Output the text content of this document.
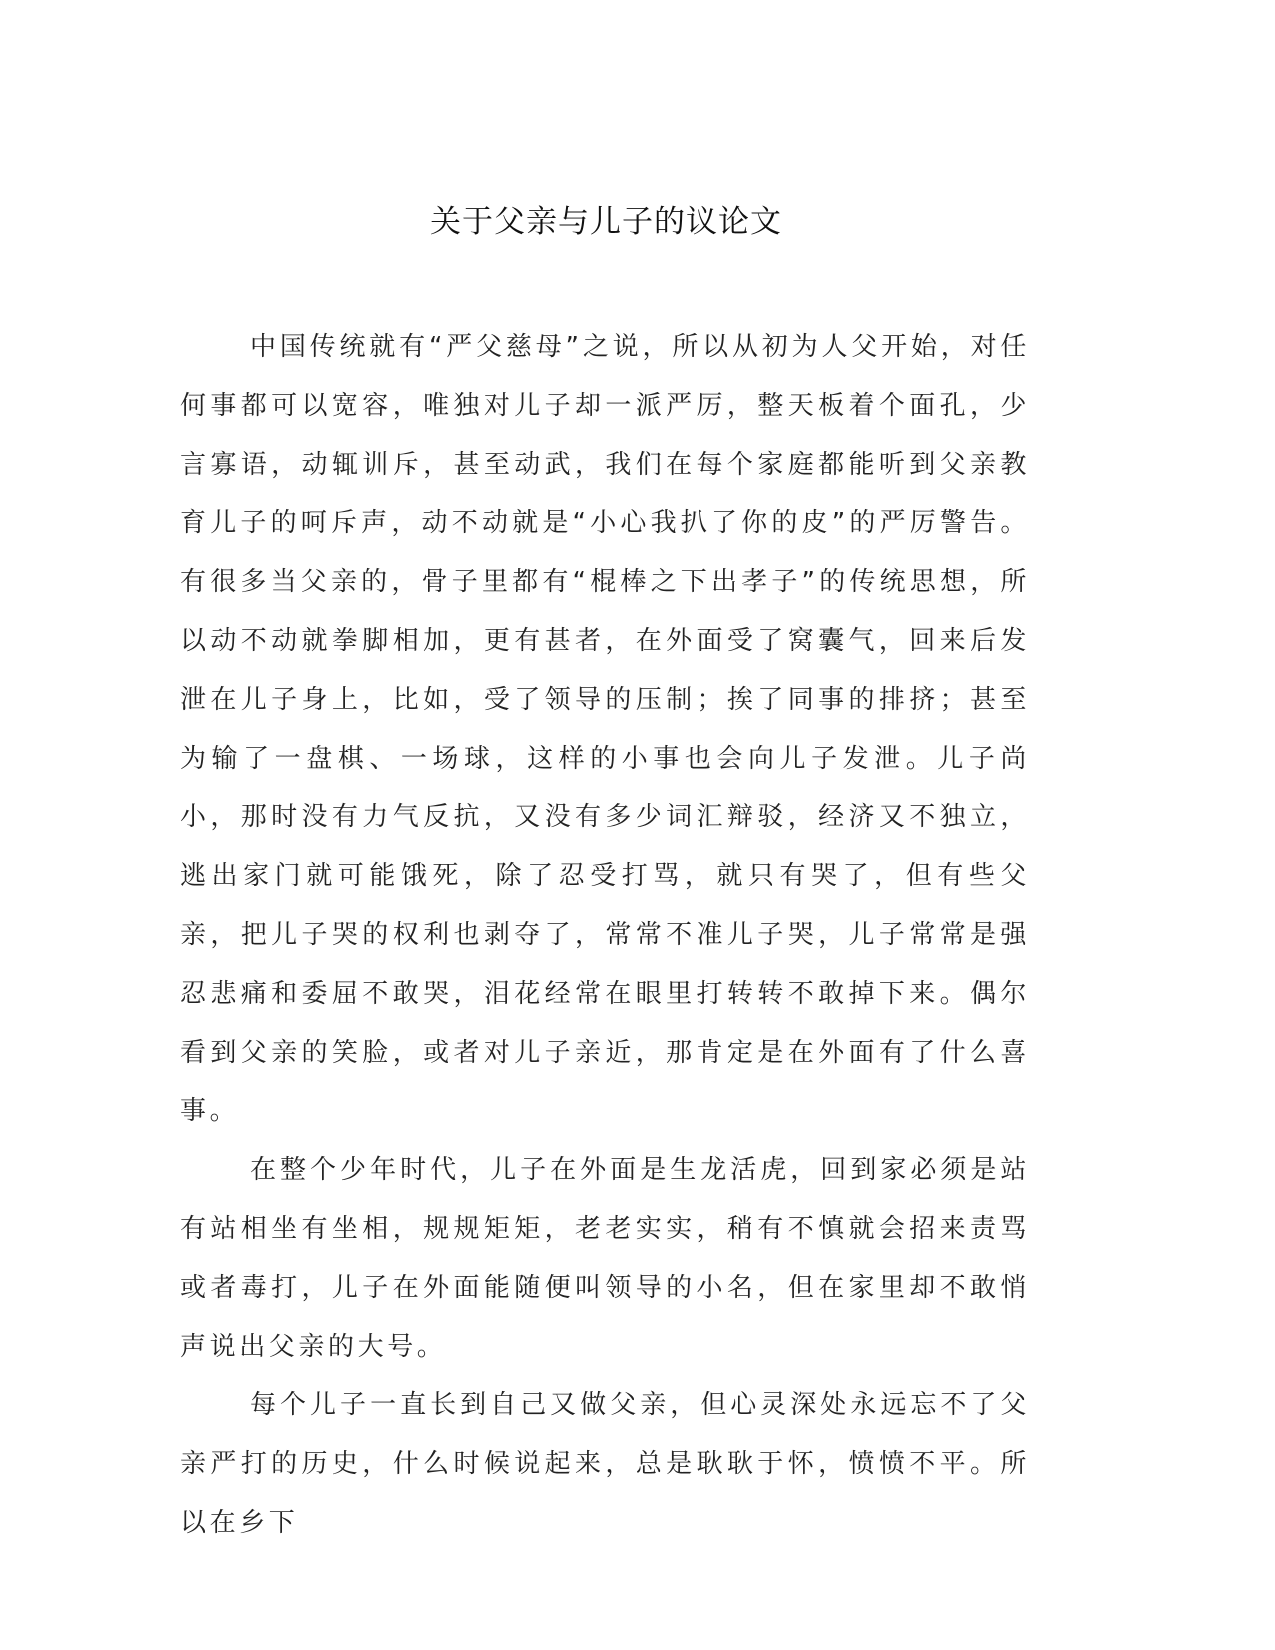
关于父亲与儿子的议论文

中国传统就有“严父慈母”之说，所以从初为人父开始，对任何事都可以宽容，唯独对儿子却一派严厉，整天板着个面孔，少言寡语，动辄训斥，甚至动武，我们在每个家庭都能听到父亲教育儿子的呵斥声，动不动就是“小心我扒了你的皮”的严厉警告。有很多当父亲的，骨子里都有“棍棒之下出孝子”的传统思想，所以动不动就拳脚相加，更有甚者，在外面受了窝囊气，回来后发泄在儿子身上，比如，受了领导的压制；挨了同事的排挤；甚至为输了一盘棋、一场球，这样的小事也会向儿子发泄。儿子尚小，那时没有力气反抗，又没有多少词汇辩驳，经济又不独立，逃出家门就可能饿死，除了忍受打骂，就只有哭了，但有些父亲，把儿子哭的权利也剥夺了，常常不准儿子哭，儿子常常是强忍悲痛和委屈不敢哭，泪花经常在眼里打转转不敢掉下来。偶尔看到父亲的笑脸，或者对儿子亲近，那肯定是在外面有了什么喜事。

在整个少年时代，儿子在外面是生龙活虎，回到家必须是站有站相坐有坐相，规规矩矩，老老实实，稍有不慎就会招来责骂或者毒打，儿子在外面能随便叫领导的小名，但在家里却不敢悄声说出父亲的大号。

每个儿子一直长到自己又做父亲，但心灵深处永远忘不了父亲严打的历史，什么时候说起来，总是耿耿于怀，愤愤不平。所以在乡下
